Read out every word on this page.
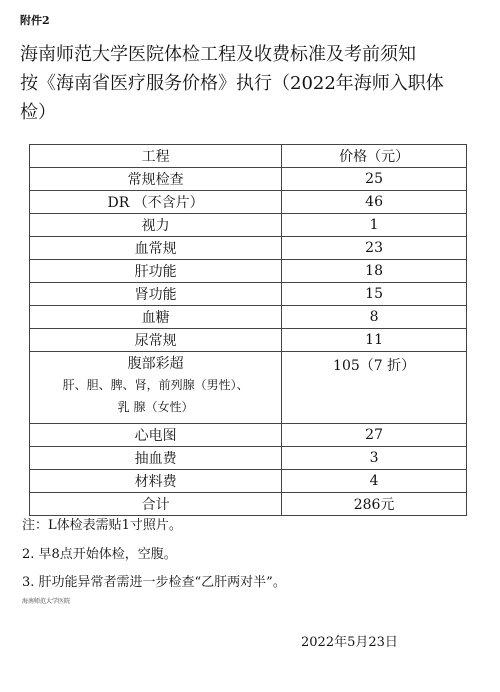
附件2
海南师范大学医院体检工程及收费标准及考前须知
按《海南省医疗服务价格》执行（2022年海师入职体
检）
工程	价格（元）
常规检查	25
DR （不含片）	46
视力	1
血常规	23
肝功能	18
肾功能	15
血糖	8
尿常规	11

腹部彩超
肝、胆、脾、肾，前列腺（男性）、
乳 腺（女性）	105（7 折）
心电图	27
抽血费	3
材料费	4
合计	286元
注：L体检表需贴1寸照片。
2. 早8点开始体检，空腹。
3. 肝功能异常者需进一步检查“乙肝两对半”。
海南师范大学医院
2022年5月23日
